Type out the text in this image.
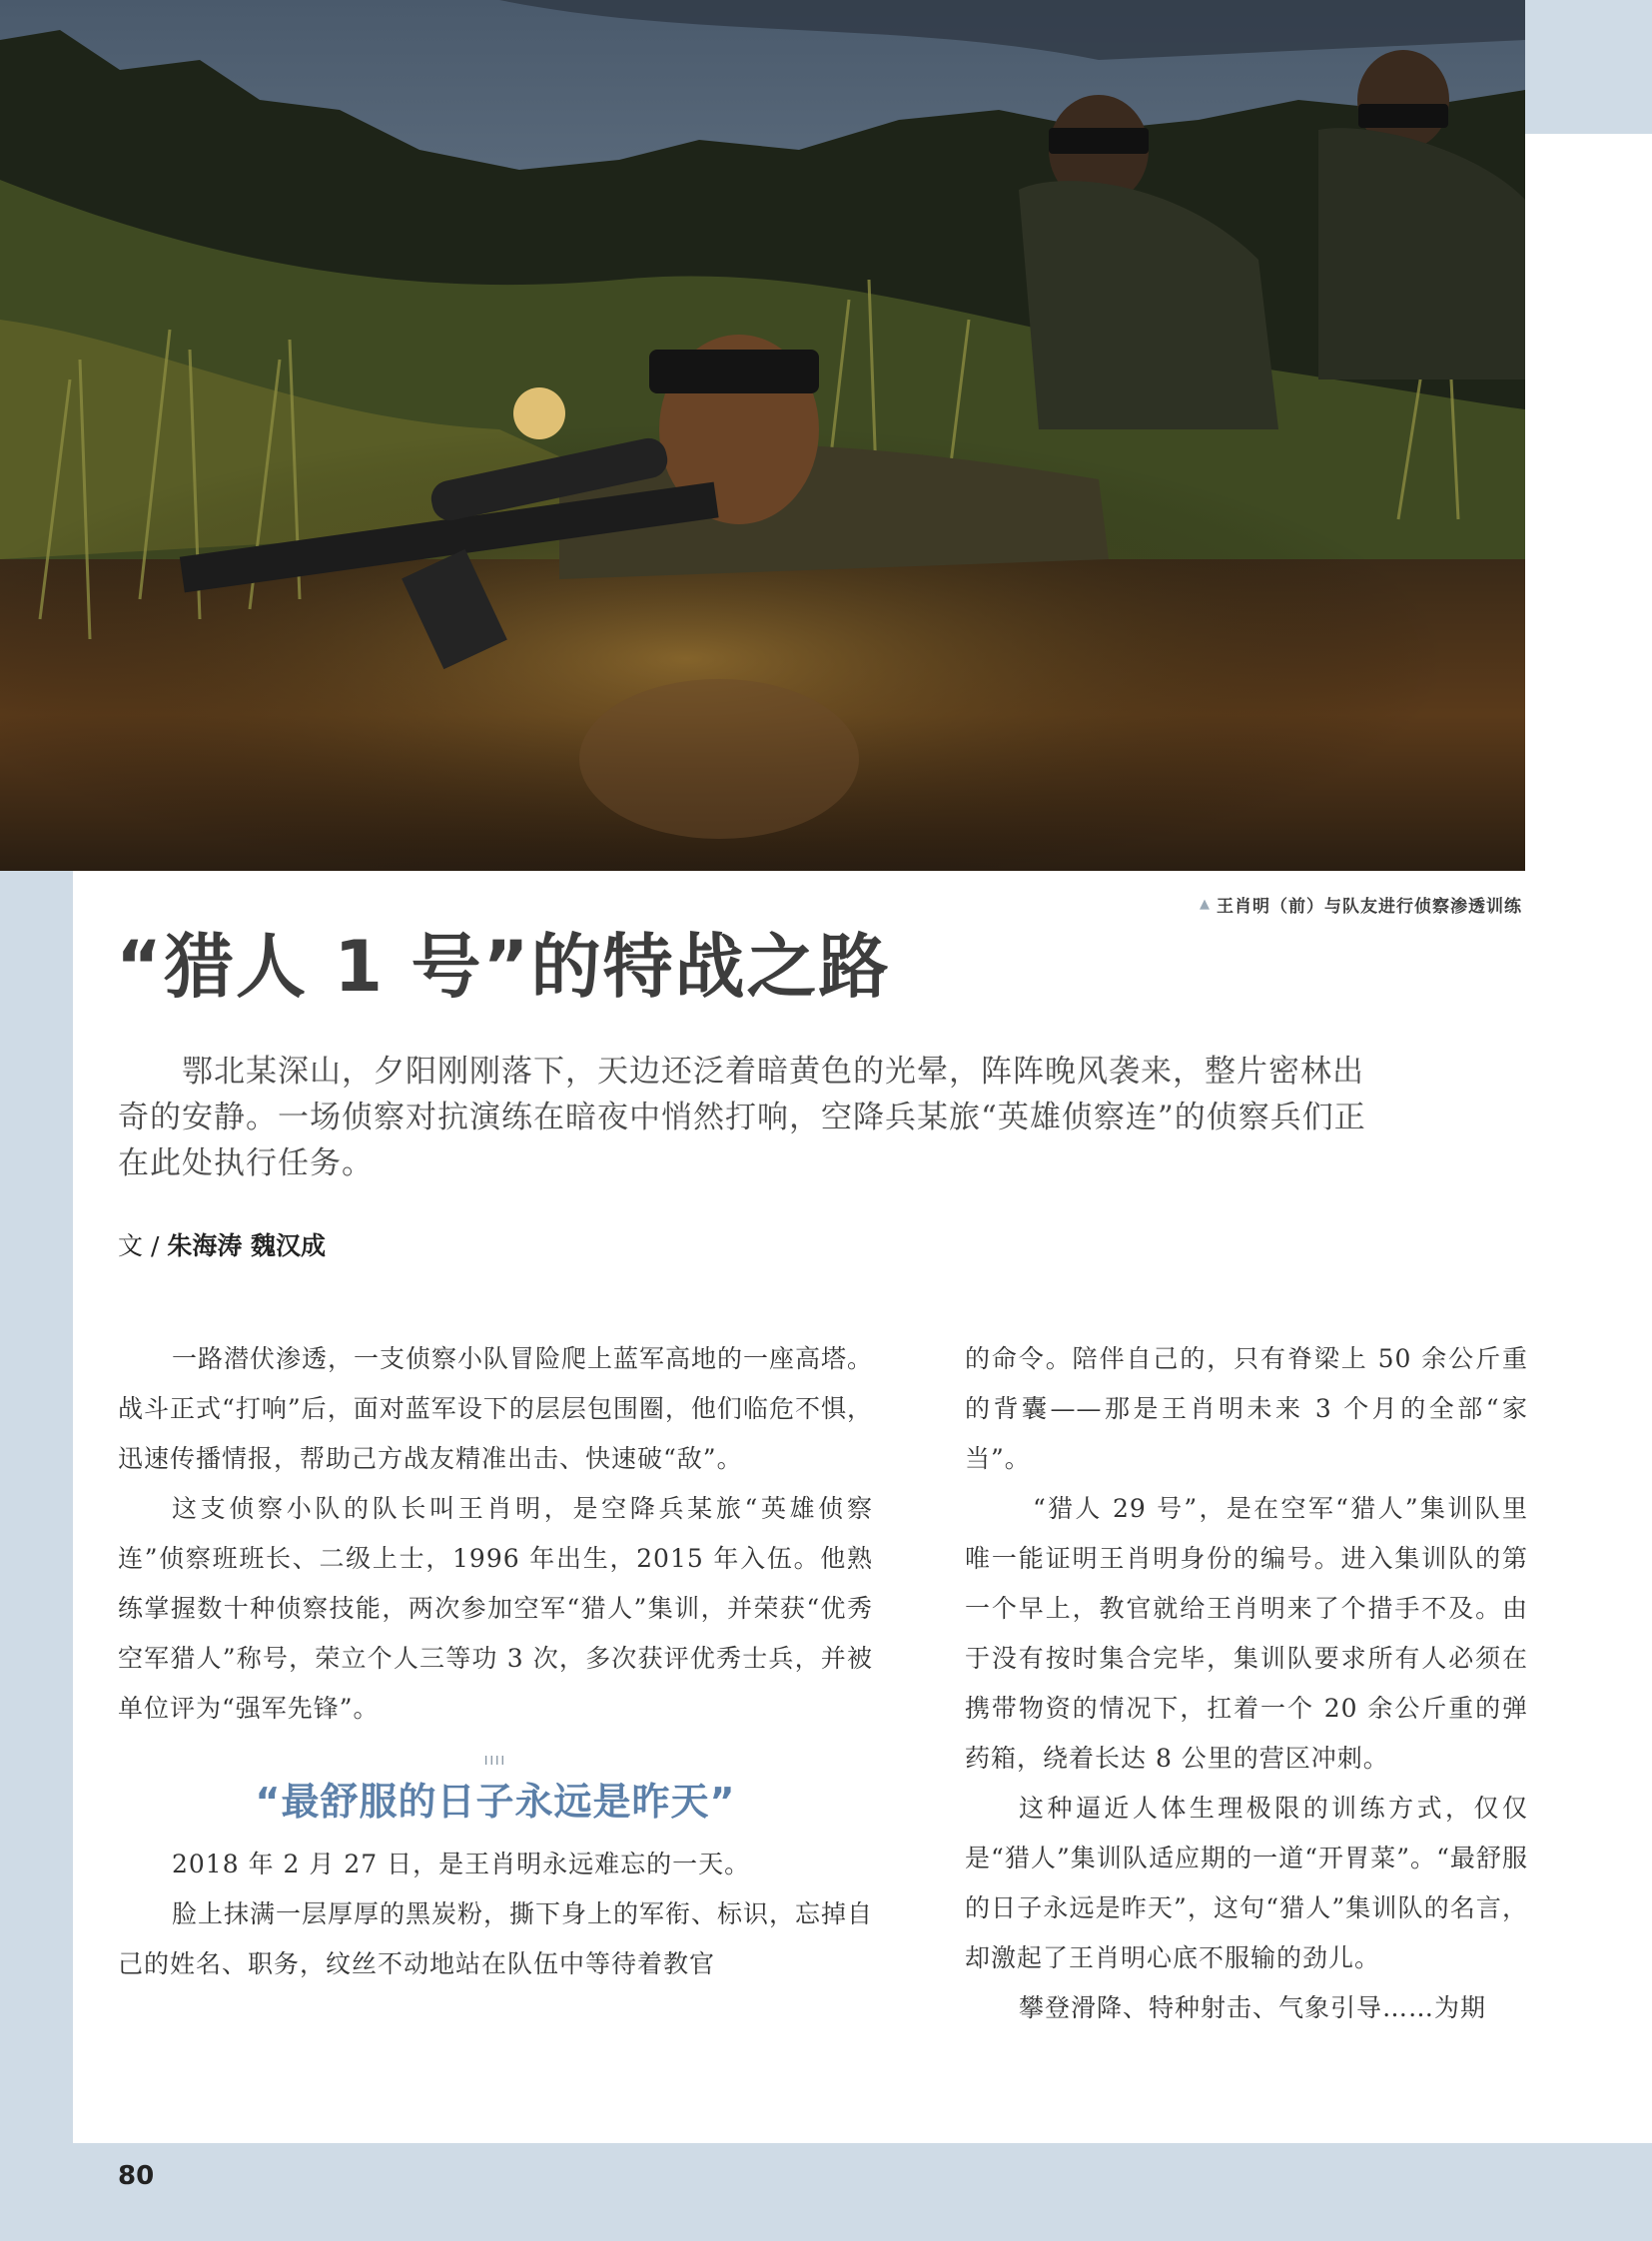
▲ 王肖明（前）与队友进行侦察渗透训练
“猎人 1 号”的特战之路
鄂北某深山，夕阳刚刚落下，天边还泛着暗黄色的光晕，阵阵晚风袭来，整片密林出奇的安静。一场侦察对抗演练在暗夜中悄然打响，空降兵某旅“英雄侦察连”的侦察兵们正在此处执行任务。
文 / 朱海涛 魏汉成

一路潜伏渗透，一支侦察小队冒险爬上蓝军高地的一座高塔。战斗正式“打响”后，面对蓝军设下的层层包围圈，他们临危不惧，迅速传播情报，帮助己方战友精准出击、快速破“敌”。

这支侦察小队的队长叫王肖明，是空降兵某旅“英雄侦察连”侦察班班长、二级上士，1996 年出生，2015 年入伍。他熟练掌握数十种侦察技能，两次参加空军“猎人”集训，并荣获“优秀空军猎人”称号，荣立个人三等功 3 次，多次获评优秀士兵，并被单位评为“强军先锋”。

IIII
“最舒服的日子永远是昨天”

2018 年 2 月 27 日，是王肖明永远难忘的一天。

脸上抹满一层厚厚的黑炭粉，撕下身上的军衔、标识，忘掉自己的姓名、职务，纹丝不动地站在队伍中等待着教官

的命令。陪伴自己的，只有脊梁上 50 余公斤重的背囊——那是王肖明未来 3 个月的全部“家当”。

“猎人 29 号”，是在空军“猎人”集训队里唯一能证明王肖明身份的编号。进入集训队的第一个早上，教官就给王肖明来了个措手不及。由于没有按时集合完毕，集训队要求所有人必须在携带物资的情况下，扛着一个 20 余公斤重的弹药箱，绕着长达 8 公里的营区冲刺。

这种逼近人体生理极限的训练方式，仅仅是“猎人”集训队适应期的一道“开胃菜”。“最舒服的日子永远是昨天”，这句“猎人”集训队的名言，却激起了王肖明心底不服输的劲儿。

攀登滑降、特种射击、气象引导……为期

80
